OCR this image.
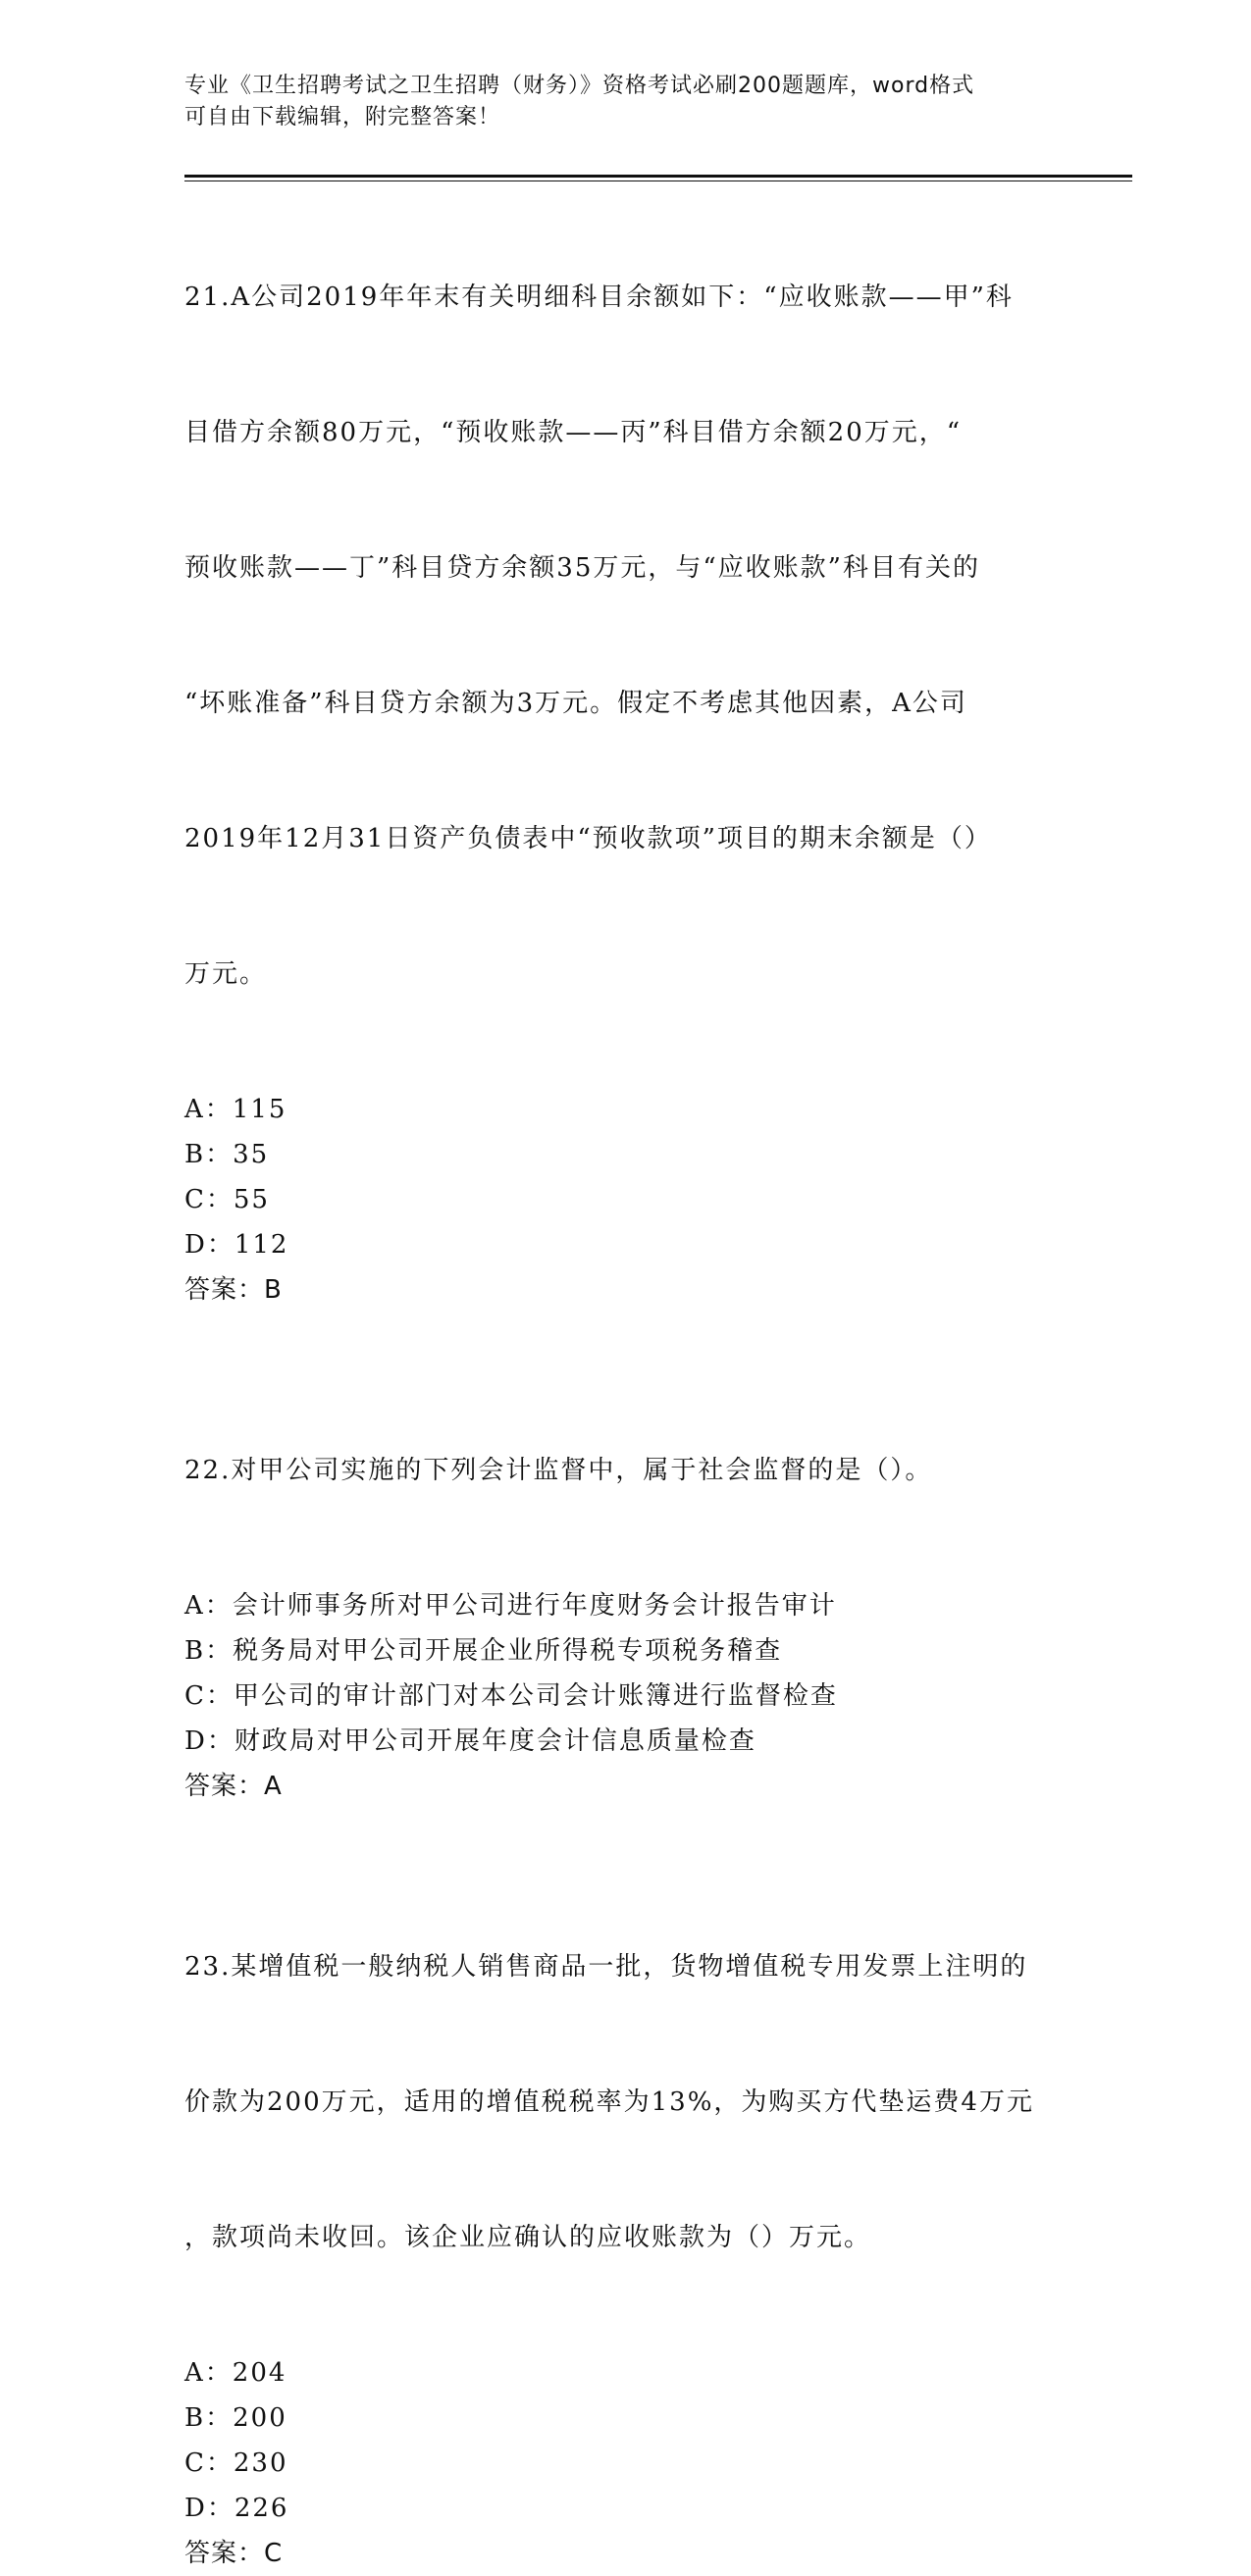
专业《卫生招聘考试之卫生招聘（财务）》资格考试必刷200题题库，word格式
可自由下载编辑，附完整答案！

21.A公司2019年年末有关明细科目余额如下：“应收账款——甲”科

目借方余额80万元，“预收账款——丙”科目借方余额20万元，“

预收账款——丁”科目贷方余额35万元，与“应收账款”科目有关的

“坏账准备”科目贷方余额为3万元。假定不考虑其他因素，A公司

2019年12月31日资产负债表中“预收款项”项目的期末余额是（）

万元。

A：115
B：35
C：55
D：112
答案：B

22.对甲公司实施的下列会计监督中，属于社会监督的是（）。

A：会计师事务所对甲公司进行年度财务会计报告审计
B：税务局对甲公司开展企业所得税专项税务稽查
C：甲公司的审计部门对本公司会计账簿进行监督检查
D：财政局对甲公司开展年度会计信息质量检查
答案：A

23.某增值税一般纳税人销售商品一批，货物增值税专用发票上注明的

价款为200万元，适用的增值税税率为13%，为购买方代垫运费4万元

，款项尚未收回。该企业应确认的应收账款为（）万元。

A：204
B：200
C：230
D：226
答案：C
